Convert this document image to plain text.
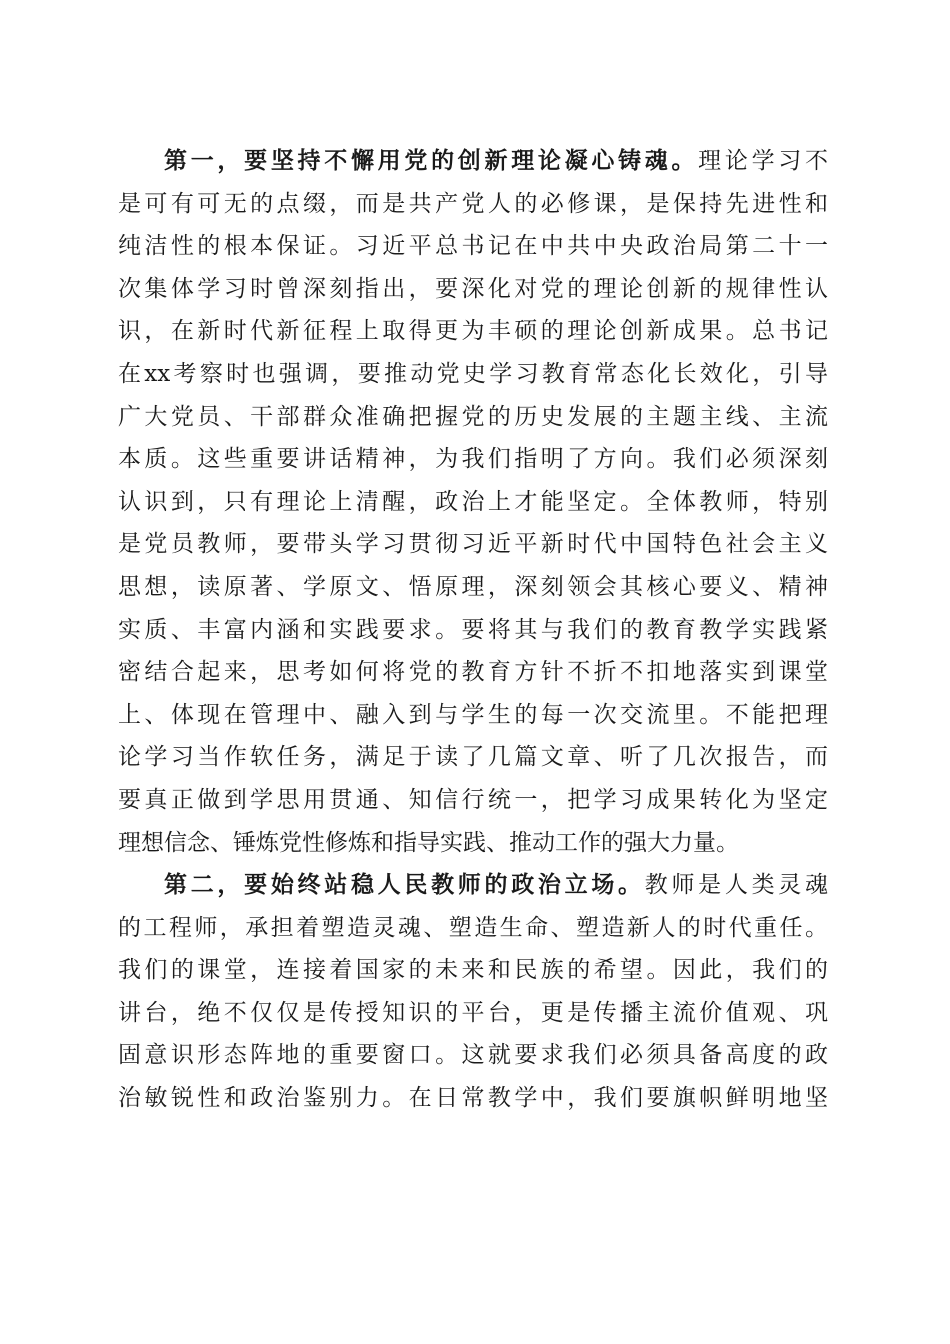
第一，要坚持不懈用党的创新理论凝心铸魂。理论学习不
是可有可无的点缀，而是共产党人的必修课，是保持先进性和
纯洁性的根本保证。习近平总书记在中共中央政治局第二十一
次集体学习时曾深刻指出，要深化对党的理论创新的规律性认
识，在新时代新征程上取得更为丰硕的理论创新成果。总书记
在xx考察时也强调，要推动党史学习教育常态化长效化，引导
广大党员、干部群众准确把握党的历史发展的主题主线、主流
本质。这些重要讲话精神，为我们指明了方向。我们必须深刻
认识到，只有理论上清醒，政治上才能坚定。全体教师，特别
是党员教师，要带头学习贯彻习近平新时代中国特色社会主义
思想，读原著、学原文、悟原理，深刻领会其核心要义、精神
实质、丰富内涵和实践要求。要将其与我们的教育教学实践紧
密结合起来，思考如何将党的教育方针不折不扣地落实到课堂
上、体现在管理中、融入到与学生的每一次交流里。不能把理
论学习当作软任务，满足于读了几篇文章、听了几次报告，而
要真正做到学思用贯通、知信行统一，把学习成果转化为坚定
理想信念、锤炼党性修炼和指导实践、推动工作的强大力量。
第二，要始终站稳人民教师的政治立场。教师是人类灵魂
的工程师，承担着塑造灵魂、塑造生命、塑造新人的时代重任。
我们的课堂，连接着国家的未来和民族的希望。因此，我们的
讲台，绝不仅仅是传授知识的平台，更是传播主流价值观、巩
固意识形态阵地的重要窗口。这就要求我们必须具备高度的政
治敏锐性和政治鉴别力。在日常教学中，我们要旗帜鲜明地坚
